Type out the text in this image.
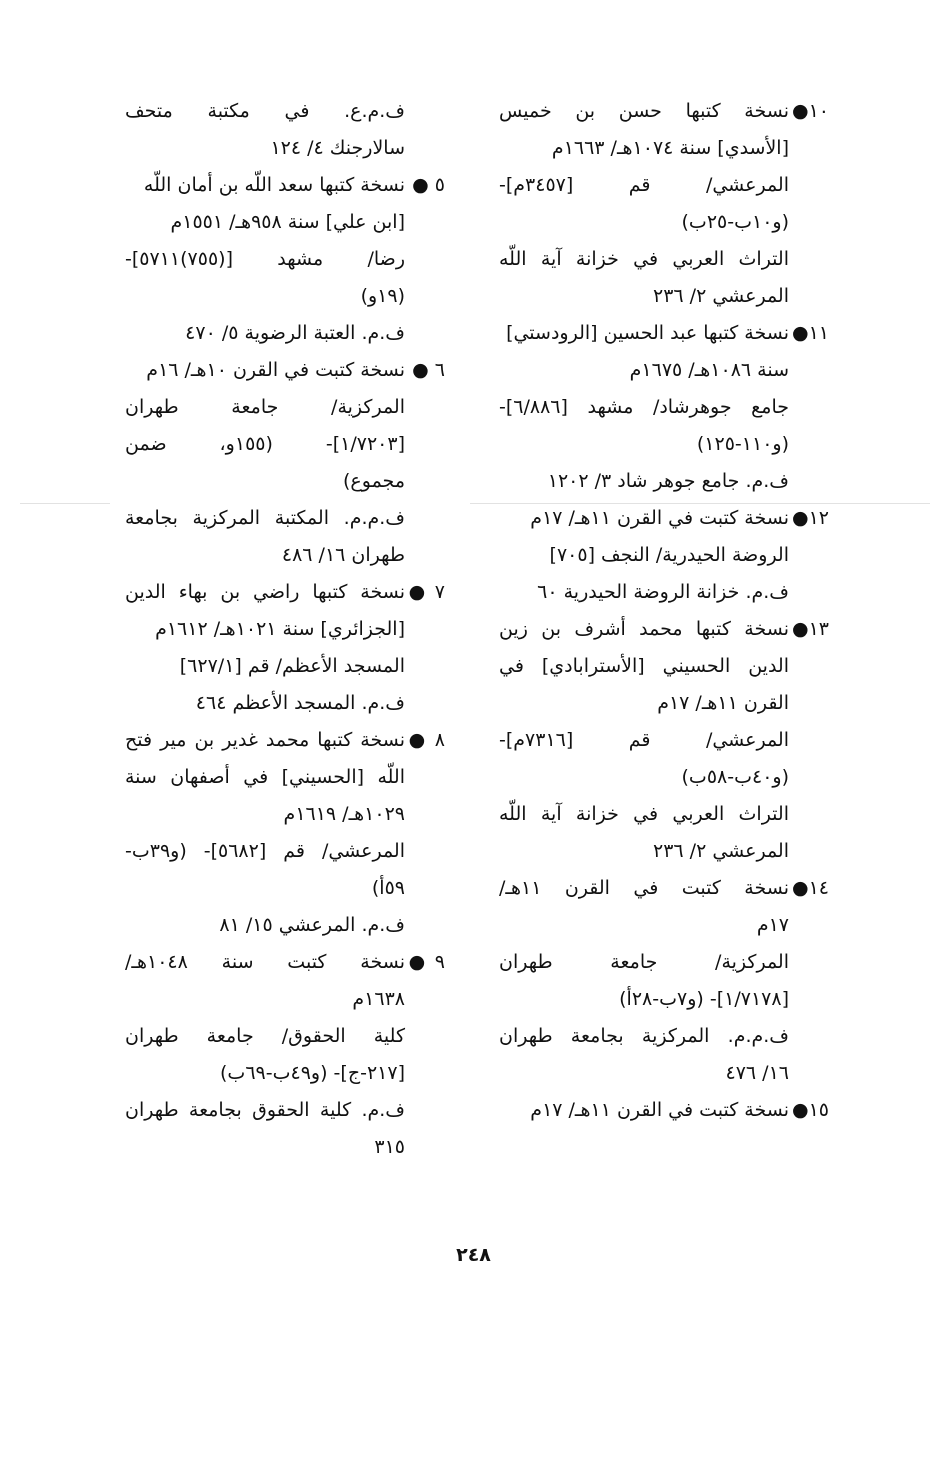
١٠●نسخة كتبها حسن بن خميس
[الأسدي] سنة ١٠٧٤هـ/ ١٦٦٣م
المرعشي/ قم [٣٤٥٧م]-
(و١٠ب-٢٥ب)
التراث العربي في خزانة آية اللّه
المرعشي ٢/ ٢٣٦
١١●نسخة كتبها عبد الحسين [الرودستي]
سنة ١٠٨٦هـ/ ١٦٧٥م
جامع جوهرشاد/ مشهد [٦/٨٨٦]-
(و١١٠-١٢٥)
ف.م. جامع جوهر شاد ٣/ ١٢٠٢
١٢●نسخة كتبت في القرن ١١هـ/ ١٧م
الروضة الحيدرية/ النجف [٧٠٥]
ف.م. خزانة الروضة الحيدرية ٦٠
١٣●نسخة كتبها محمد أشرف بن زين
الدين الحسيني [الأسترابادي] في
القرن ١١هـ/ ١٧م
المرعشي/ قم [٧٣١٦م]-
(و٤٠ب-٥٨ب)
التراث العربي في خزانة آية اللّه
المرعشي ٢/ ٢٣٦
١٤●نسخة كتبت في القرن ١١هـ/
١٧م
المركزية/ جامعة طهران
[١/٧١٧٨]- (و٧ب-٢٨أ)
ف.م.م. المركزية بجامعة طهران
١٦/ ٤٧٦
١٥●نسخة كتبت في القرن ١١هـ/ ١٧م
ف.م.ع. في مكتبة متحف
سالارجنك ٤/ ١٢٤
٥ ●نسخة كتبها سعد اللّه بن أمان اللّه
[ابن علي] سنة ٩٥٨هـ/ ١٥٥١م
رضا/ مشهد [(٧٥٥)٥٧١١]-
(١٩و)
ف.م. العتبة الرضوية ٥/ ٤٧٠
٦ ●نسخة كتبت في القرن ١٠هـ/ ١٦م
المركزية/ جامعة طهران
[١/٧٢٠٣]- (١٥٥و، ضمن
مجموع)
ف.م.م. المكتبة المركزية بجامعة
طهران ١٦/ ٤٨٦
٧ ●نسخة كتبها راضي بن بهاء الدين
[الجزائري] سنة ١٠٢١هـ/ ١٦١٢م
المسجد الأعظم/ قم [٦٢٧/١]
ف.م. المسجد الأعظم ٤٦٤
٨ ●نسخة كتبها محمد غدير بن مير فتح
اللّه [الحسيني] في أصفهان سنة
١٠٢٩هـ/ ١٦١٩م
المرعشي/ قم [٥٦٨٢]- (و٣٩ب-
٥٩أ)
ف.م. المرعشي ١٥/ ٨١
٩ ●نسخة كتبت سنة ١٠٤٨هـ/
١٦٣٨م
كلية الحقوق/ جامعة طهران
[٢١٧-ج]- (و٤٩ب-٦٩ب)
ف.م. كلية الحقوق بجامعة طهران
٣١٥
٢٤٨
